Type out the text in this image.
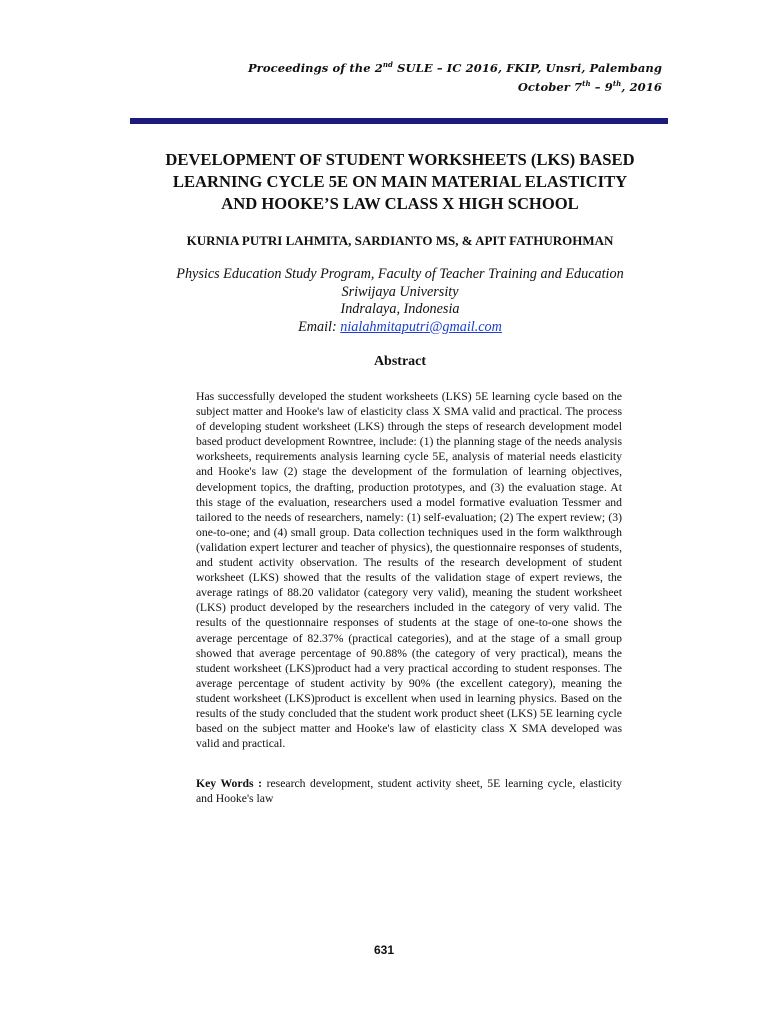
Proceedings of the 2nd SULE – IC 2016, FKIP, Unsri, Palembang
October 7th – 9th, 2016
DEVELOPMENT OF STUDENT WORKSHEETS (LKS) BASED
LEARNING CYCLE 5E ON MAIN MATERIAL ELASTICITY
AND HOOKE’S LAW CLASS X HIGH SCHOOL
KURNIA PUTRI LAHMITA, SARDIANTO MS, & APIT FATHUROHMAN
Physics Education Study Program, Faculty of Teacher Training and Education
Sriwijaya University
Indralaya, Indonesia
Email: nialahmitaputri@gmail.com
Abstract
Has successfully developed the student worksheets (LKS) 5E learning cycle based on the subject matter and Hooke's law of elasticity class X SMA valid and practical. The process of developing student worksheet (LKS) through the steps of research development model based product development Rowntree, include: (1) the planning stage of the needs analysis worksheets, requirements analysis learning cycle 5E, analysis of material needs elasticity and Hooke's law (2) stage the development of the formulation of learning objectives, development topics, the drafting, production prototypes, and (3) the evaluation stage. At this stage of the evaluation, researchers used a model formative evaluation Tessmer and tailored to the needs of researchers, namely: (1) self-evaluation; (2) The expert review; (3) one-to-one; and (4) small group. Data collection techniques used in the form walkthrough (validation expert lecturer and teacher of physics), the questionnaire responses of students, and student activity observation. The results of the research development of student worksheet (LKS) showed that the results of the validation stage of expert reviews, the average ratings of 88.20 validator (category very valid), meaning the student worksheet (LKS) product developed by the researchers included in the category of very valid. The results of the questionnaire responses of students at the stage of one-to-one shows the average percentage of 82.37% (practical categories), and at the stage of a small group showed that average percentage of 90.88% (the category of very practical), means the student worksheet (LKS)product had a very practical according to student responses. The average percentage of student activity by 90% (the excellent category), meaning the student worksheet (LKS)product is excellent when used in learning physics. Based on the results of the study concluded that the student work product sheet (LKS) 5E learning cycle based on the subject matter and Hooke's law of elasticity class X SMA developed was valid and practical.
Key Words : research development, student activity sheet, 5E learning cycle, elasticity and Hooke's law
631
